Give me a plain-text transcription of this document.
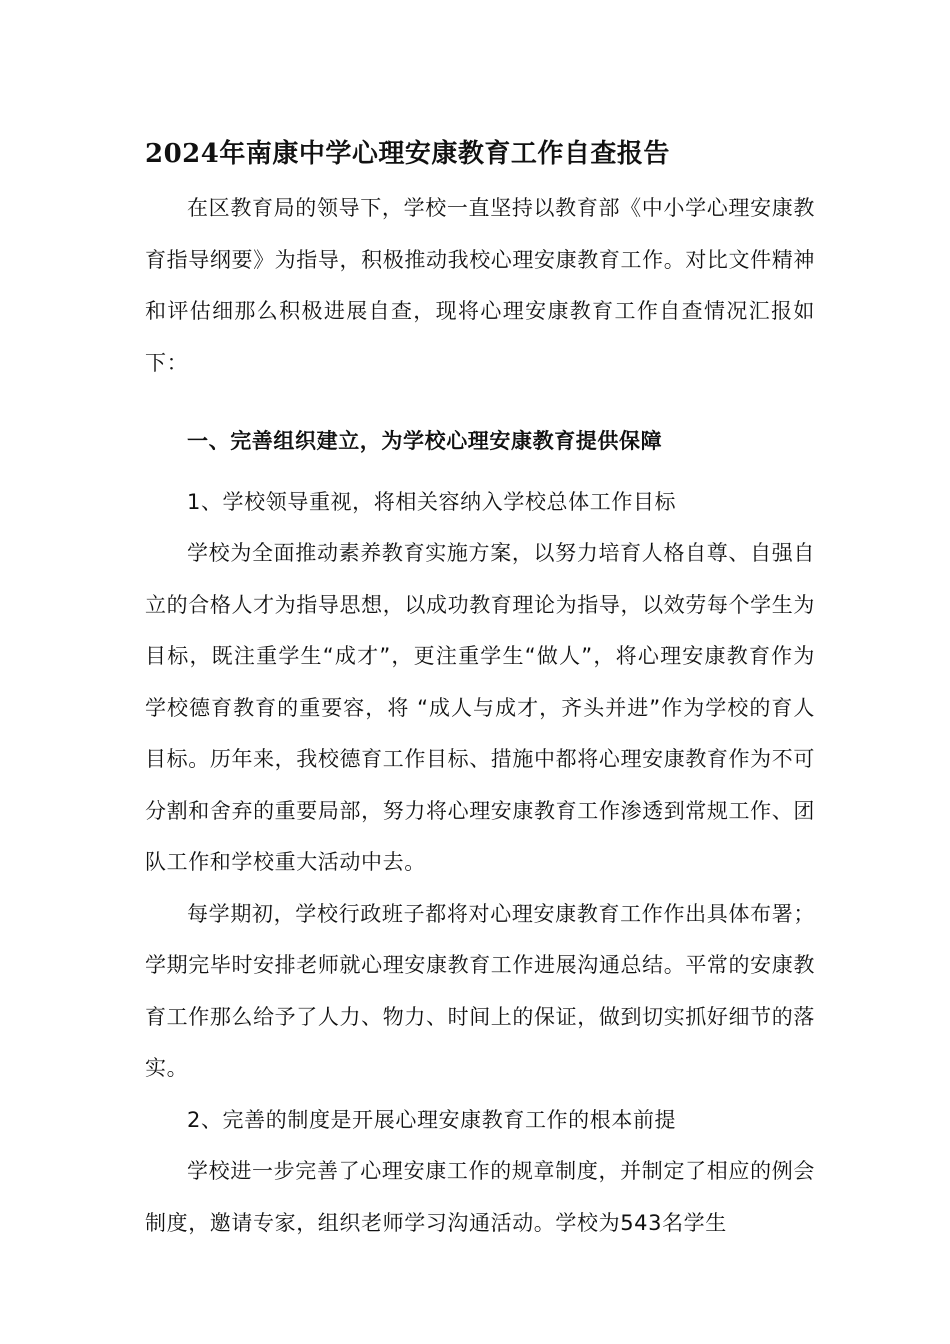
2024年南康中学心理安康教育工作自查报告

在区教育局的领导下，学校一直坚持以教育部《中小学心理安康教育指导纲要》为指导，积极推动我校心理安康教育工作。对比文件精神和评估细那么积极进展自查，现将心理安康教育工作自查情况汇报如下：

一、完善组织建立，为学校心理安康教育提供保障

1、学校领导重视，将相关容纳入学校总体工作目标

学校为全面推动素养教育实施方案，以努力培育人格自尊、自强自立的合格人才为指导思想，以成功教育理论为指导，以效劳每个学生为目标，既注重学生“成才”，更注重学生“做人”，将心理安康教育作为学校德育教育的重要容，将 “成人与成才，齐头并进”作为学校的育人目标。历年来，我校德育工作目标、措施中都将心理安康教育作为不可分割和舍弃的重要局部，努力将心理安康教育工作渗透到常规工作、团队工作和学校重大活动中去。

每学期初，学校行政班子都将对心理安康教育工作作出具体布署；学期完毕时安排老师就心理安康教育工作进展沟通总结。平常的安康教育工作那么给予了人力、物力、时间上的保证，做到切实抓好细节的落实。

2、完善的制度是开展心理安康教育工作的根本前提

学校进一步完善了心理安康工作的规章制度，并制定了相应的例会制度，邀请专家，组织老师学习沟通活动。学校为543名学生
